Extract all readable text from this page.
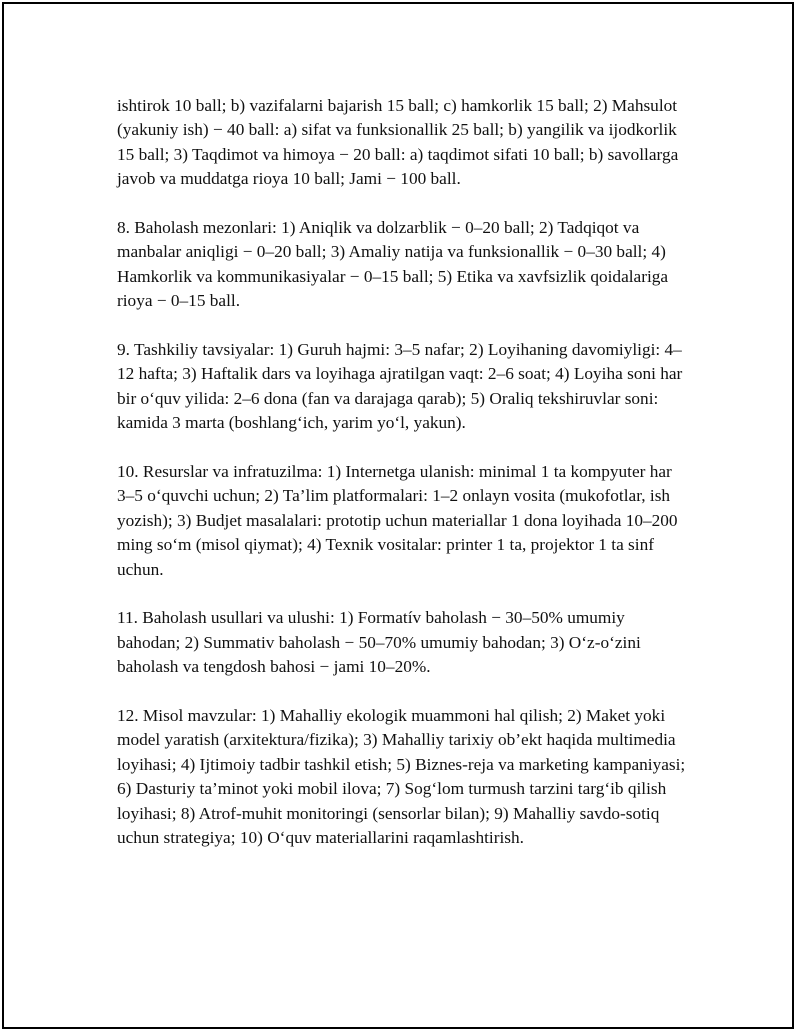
ishtirok 10 ball; b) vazifalarni bajarish 15 ball; c) hamkorlik 15 ball; 2) Mahsulot (yakuniy ish) − 40 ball: a) sifat va funksionallik 25 ball; b) yangilik va ijodkorlik 15 ball; 3) Taqdimot va himoya − 20 ball: a) taqdimot sifati 10 ball; b) savollarga javob va muddatga rioya 10 ball; Jami − 100 ball.

8. Baholash mezonlari: 1) Aniqlik va dolzarblik − 0–20 ball; 2) Tadqiqot va manbalar aniqligi − 0–20 ball; 3) Amaliy natija va funksionallik − 0–30 ball; 4) Hamkorlik va kommunikasiyalar − 0–15 ball; 5) Etika va xavfsizlik qoidalariga rioya − 0–15 ball.

9. Tashkiliy tavsiyalar: 1) Guruh hajmi: 3–5 nafar; 2) Loyihaning davomiyligi: 4–12 hafta; 3) Haftalik dars va loyihaga ajratilgan vaqt: 2–6 soat; 4) Loyiha soni har bir o‘quv yilida: 2–6 dona (fan va darajaga qarab); 5) Oraliq tekshiruvlar soni: kamida 3 marta (boshlang‘ich, yarim yo‘l, yakun).

10. Resurslar va infratuzilma: 1) Internetga ulanish: minimal 1 ta kompyuter har 3–5 o‘quvchi uchun; 2) Ta’lim platformalari: 1–2 onlayn vosita (mukofotlar, ish yozish); 3) Budjet masalalari: prototip uchun materiallar 1 dona loyihada 10–200 ming so‘m (misol qiymat); 4) Texnik vositalar: printer 1 ta, projektor 1 ta sinf uchun.

11. Baholash usullari va ulushi: 1) Formatív baholash − 30–50% umumiy bahodan; 2) Summativ baholash − 50–70% umumiy bahodan; 3) O‘z-o‘zini baholash va tengdosh bahosi − jami 10–20%.

12. Misol mavzular: 1) Mahalliy ekologik muammoni hal qilish; 2) Maket yoki model yaratish (arxitektura/fizika); 3) Mahalliy tarixiy ob’ekt haqida multimedia loyihasi; 4) Ijtimoiy tadbir tashkil etish; 5) Biznes-reja va marketing kampaniyasi; 6) Dasturiy ta’minot yoki mobil ilova; 7) Sog‘lom turmush tarzini targ‘ib qilish loyihasi; 8) Atrof-muhit monitoringi (sensorlar bilan); 9) Mahalliy savdo-sotiq uchun strategiya; 10) O‘quv materiallarini raqamlashtirish.
